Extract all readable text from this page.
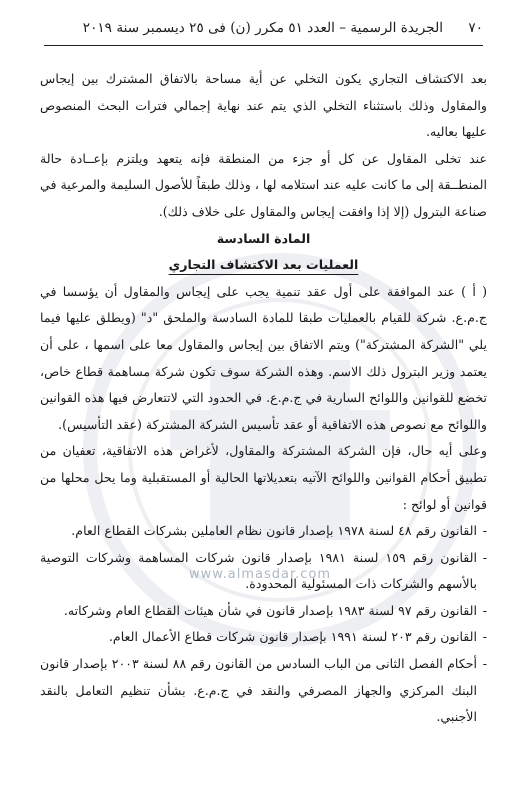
www.almasdar.com
٧٠
الجريدة الرسمية – العدد ٥١ مكرر (ن) فى ٢٥ ديسمبر سنة ٢٠١٩

بعد الاكتشاف التجاري يكون التخلي عن أية مساحة بالاتفاق المشترك بين إيجاس والمقاول وذلك باستثناء التخلي الذي يتم عند نهاية إجمالي فترات البحث المنصوص عليها بعاليه.

عند تخلى المقاول عن كل أو جزء من المنطقة فإنه يتعهد ويلتزم بإعــادة حالة المنطــقة إلى ما كانت عليه عند استلامه لها ، وذلك طبقاً للأصول السليمة والمرعية في صناعة البترول (إلا إذا وافقت إيجاس والمقاول على خلاف ذلك).

المادة السادسة

العمليات بعد الاكتشاف التجاري

( أ ) عند الموافقة على أول عقد تنمية يجب على إيجاس والمقاول أن يؤسسا في ج.م.ع. شركة للقيام بالعمليات طبقا للمادة السادسة والملحق "د" (ويطلق عليها فيما يلي "الشركة المشتركة") ويتم الاتفاق بين إيجاس والمقاول معا على اسمها ، على أن يعتمد وزير البترول ذلك الاسم. وهذه الشركة سوف تكون شركة مساهمة قطاع خاص، تخضع للقوانين واللوائح السارية في ج.م.ع. في الحدود التي لاتتعارض فيها هذه القوانين واللوائح مع نصوص هذه الاتفاقية أو عقد تأسيس الشركة المشتركة (عقد التأسيس).

وعلى أيه حال، فإن الشركة المشتركة والمقاول، لأغراض هذه الاتفاقية، تعفيان من تطبيق أحكام القوانين واللوائح الآتيه بتعديلاتها الحالية أو المستقبلية وما يحل محلها من قوانين أو لوائح :

-القانون رقم ٤٨ لسنة ١٩٧٨ بإصدار قانون نظام العاملين بشركات القطاع العام.
-القانون رقم ١٥٩ لسنة ١٩٨١ بإصدار قانون شركات المساهمة وشركات التوصية بالأسهم والشركات ذات المسئولية المحدودة.
-القانون رقم ٩٧ لسنة ١٩٨٣ بإصدار قانون في شأن هيئات القطاع العام وشركاته.
-القانون رقم ٢٠٣ لسنة ١٩٩١ بإصدار قانون شركات قطاع الأعمال العام.
-أحكام الفصل الثانى من الباب السادس من القانون رقم ٨٨ لسنة ٢٠٠٣ بإصدار قانون البنك المركزي والجهاز المصرفي والنقد في ج.م.ع. بشأن تنظيم التعامل بالنقد الأجنبي.
